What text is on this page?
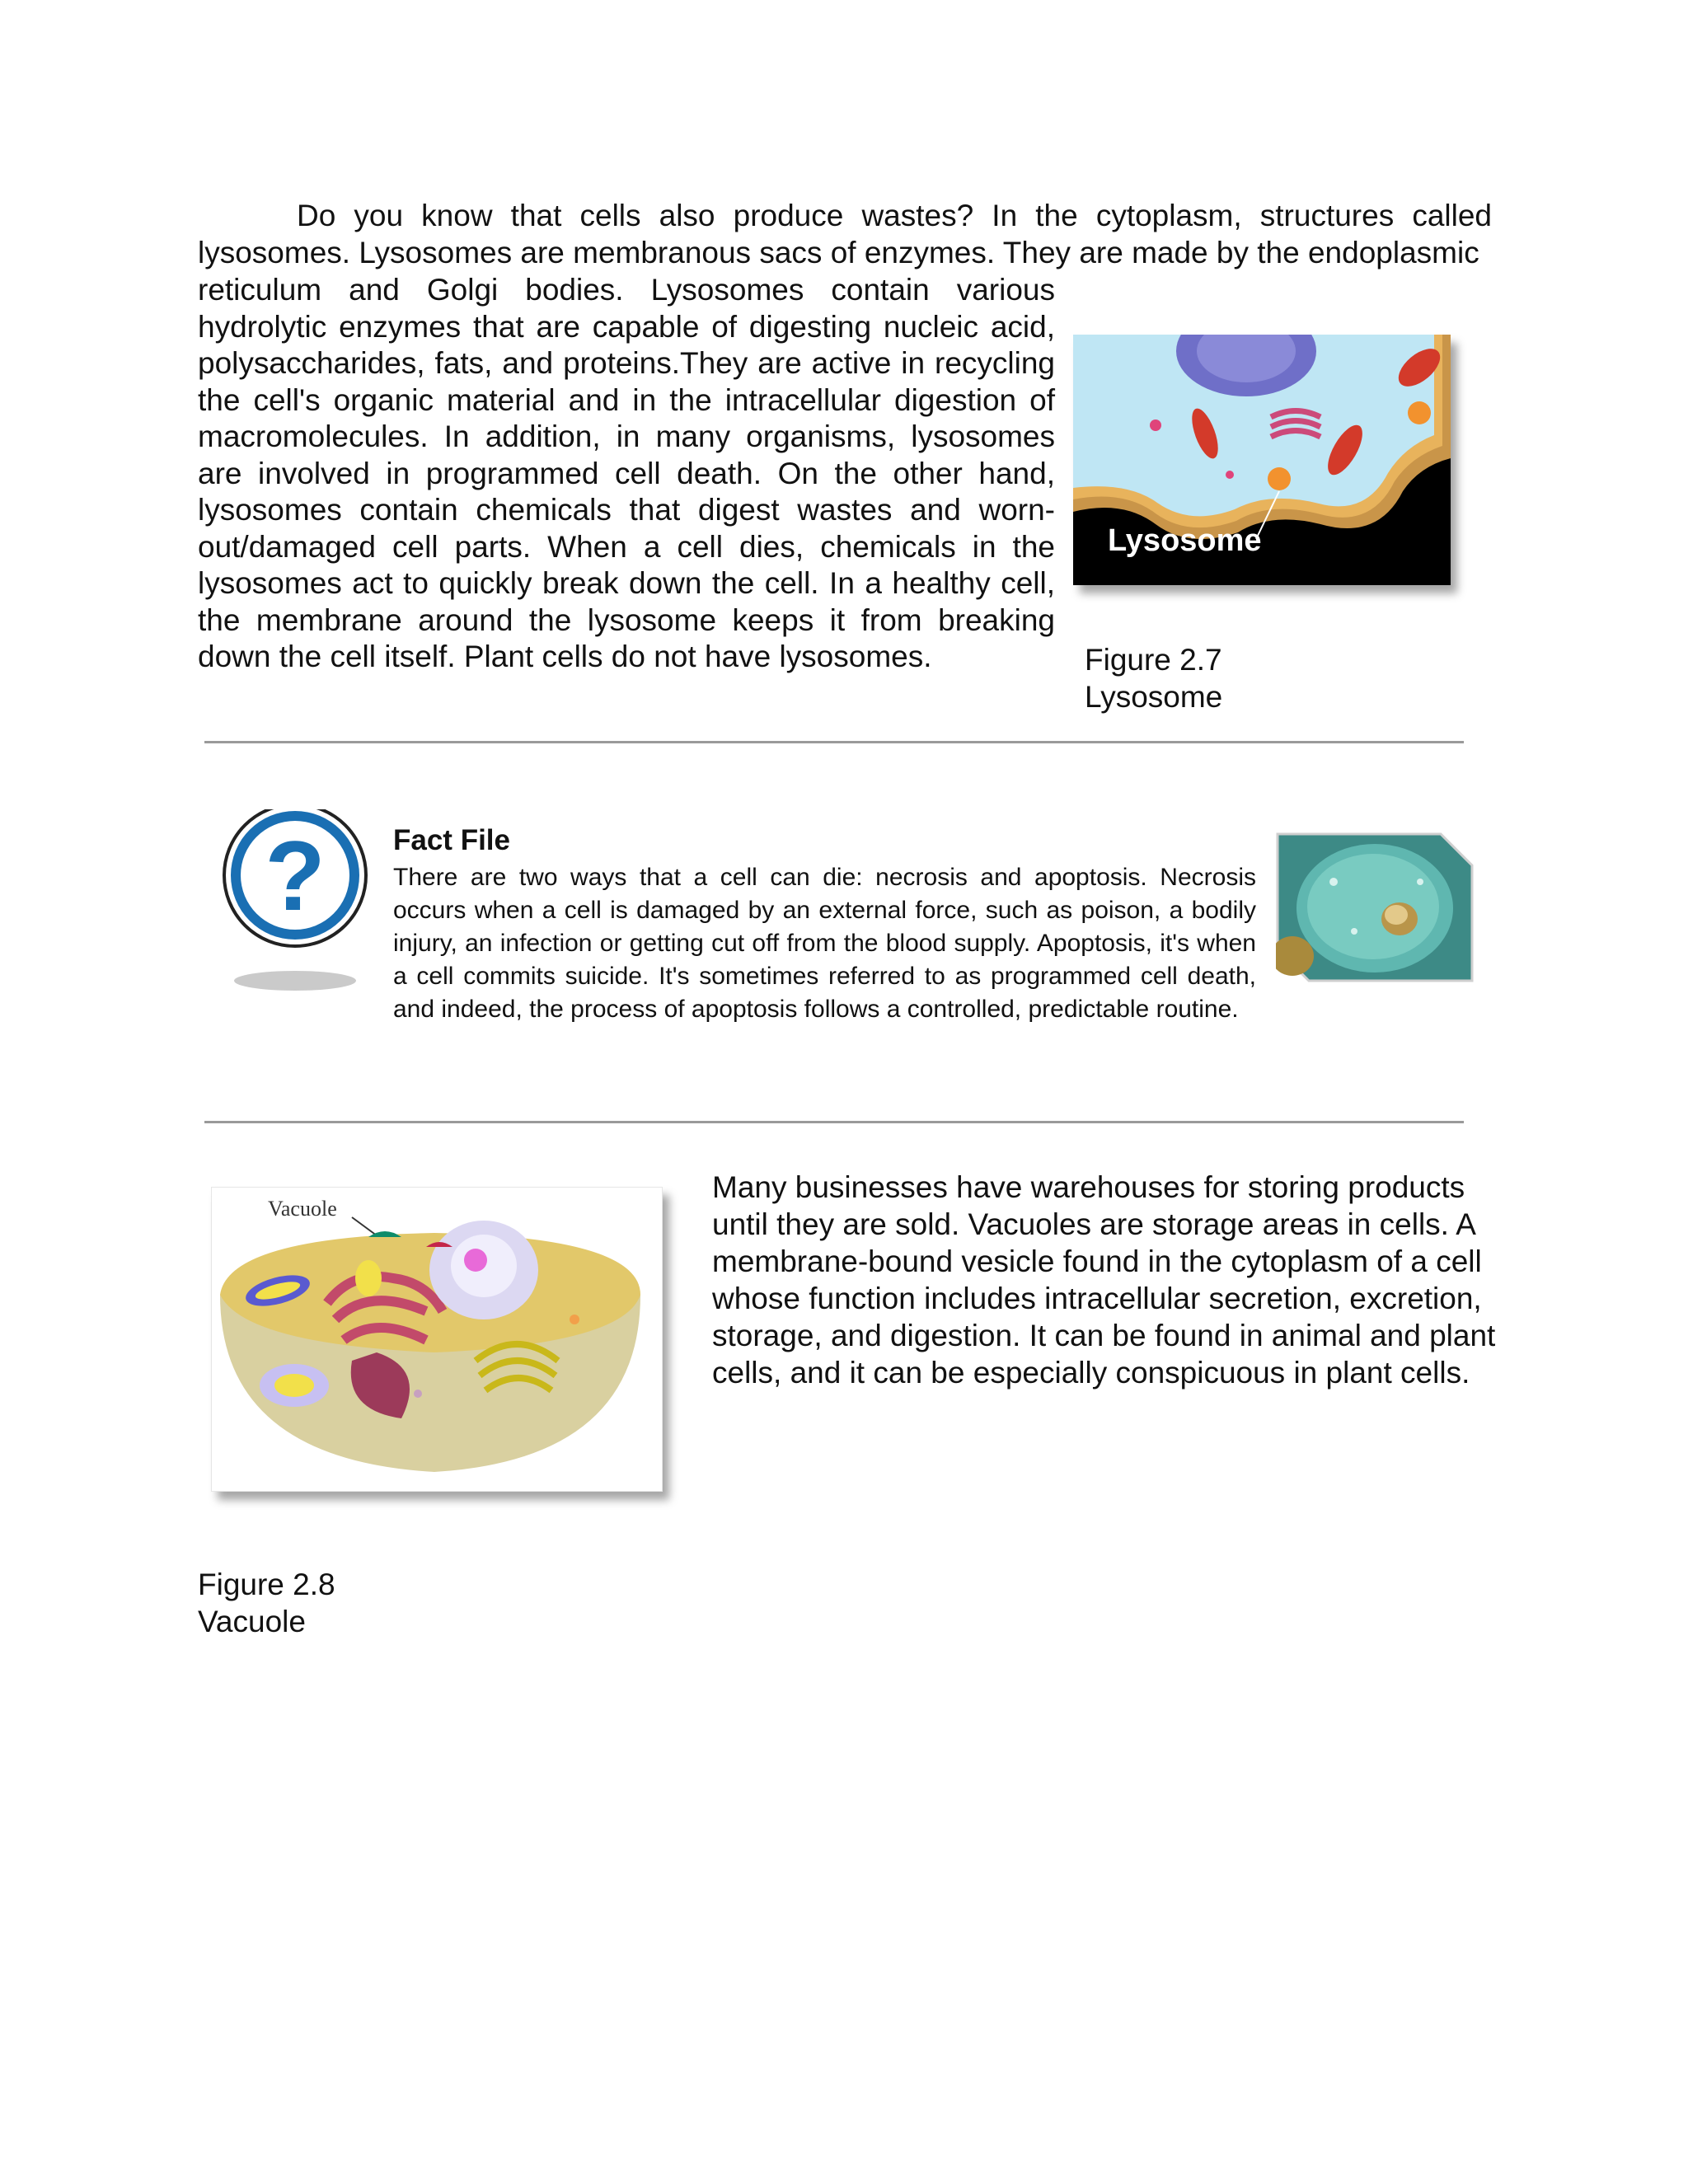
Do you know that cells also produce wastes? In the cytoplasm, structures called

lysosomes. Lysosomes are membranous sacs of enzymes. They are made by the endoplasmic

reticulum and Golgi bodies. Lysosomes contain various hydrolytic enzymes that are capable of digesting nucleic acid, polysaccharides, fats, and proteins.They are active in recycling the cell's organic material and in the intracellular digestion of macromolecules. In addition, in many organisms, lysosomes are involved in programmed cell death. On the other hand, lysosomes contain chemicals that digest wastes and worn-out/damaged cell parts. When a cell dies, chemicals in the lysosomes act to quickly break down the cell. In a healthy cell, the membrane around the lysosome keeps it from breaking down the cell itself. Plant cells do not have lysosomes.

Lysosome
Figure 2.7
Lysosome
? Fact File
There are two ways that a cell can die: necrosis and apoptosis. Necrosis occurs when a cell is damaged by an external force, such as poison, a bodily injury, an infection or getting cut off from the blood supply. Apoptosis, it's when a cell commits suicide. It's sometimes referred to as programmed cell death, and indeed, the process of apoptosis follows a controlled, predictable routine.
Vacuole

Many businesses have warehouses for storing products until they are sold. Vacuoles are storage areas in cells. A membrane-bound vesicle found in the cytoplasm of a cell whose function includes intracellular secretion, excretion, storage, and digestion. It can be found in animal and plant cells, and it can be especially conspicuous in plant cells.

Figure 2.8
Vacuole
